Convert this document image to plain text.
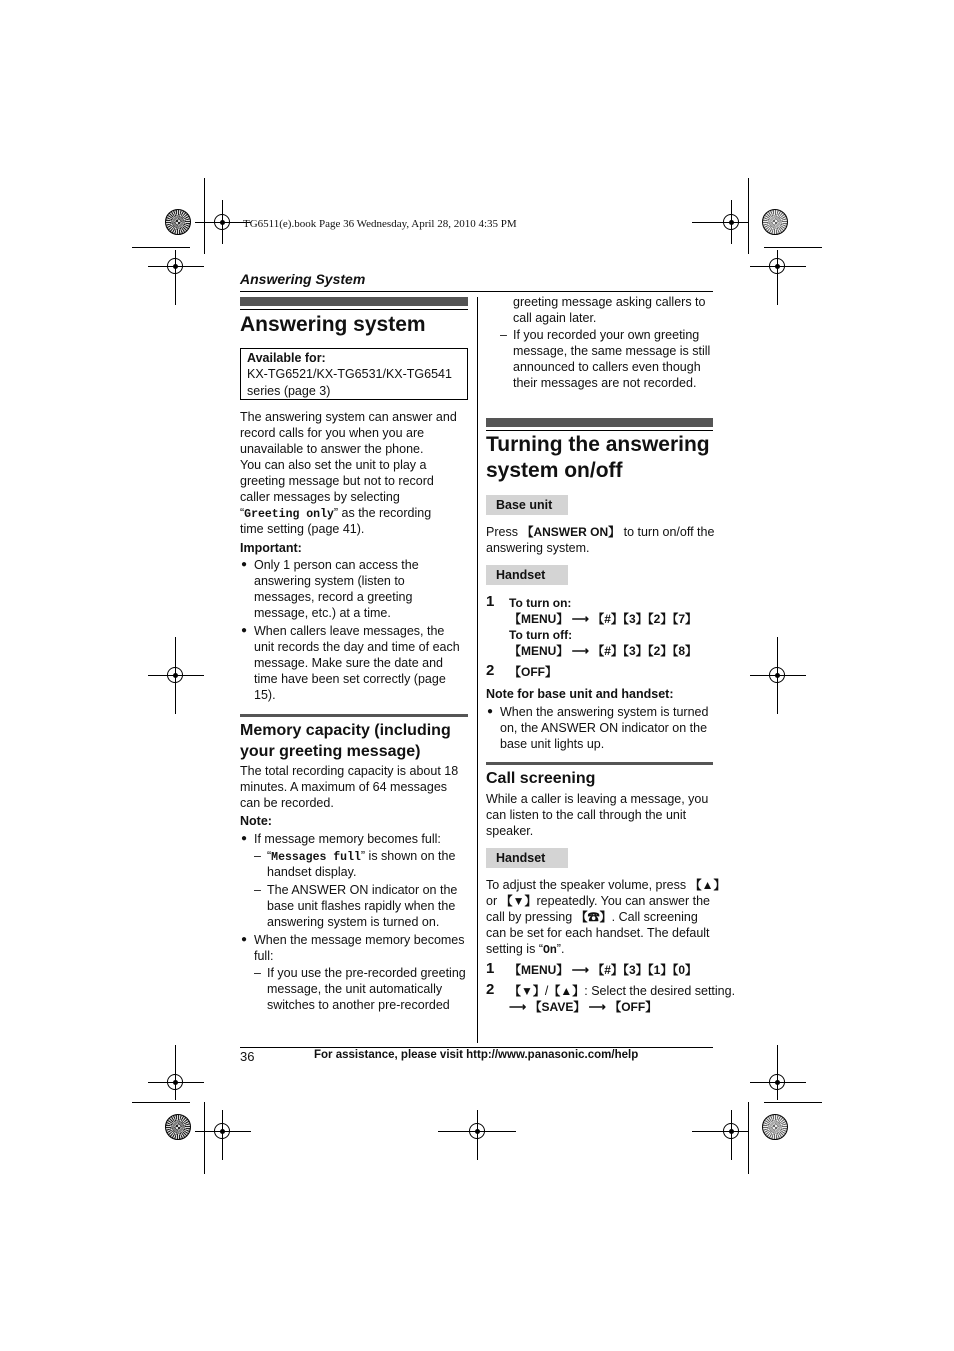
TG6511(e).book Page 36 Wednesday, April 28, 2010 4:35 PM
Answering System
Answering system
Available for:
KX-TG6521/KX-TG6531/KX-TG6541
series (page 3)
The answering system can answer and
record calls for you when you are
unavailable to answer the phone.
You can also set the unit to play a
greeting message but not to record
caller messages by selecting
“Greeting only” as the recording
time setting (page 41).
Important:
● Only 1 person can access the
answering system (listen to
messages, record a greeting
message, etc.) at a time.
● When callers leave messages, the
unit records the day and time of each
message. Make sure the date and
time have been set correctly (page
15).
Memory capacity (including
your greeting message)
The total recording capacity is about 18
minutes. A maximum of 64 messages
can be recorded.
Note:
● If message memory becomes full:
– “Messages full” is shown on the
handset display.
– The ANSWER ON indicator on the
base unit flashes rapidly when the
answering system is turned on.
● When the message memory becomes
full:
– If you use the pre-recorded greeting
message, the unit automatically
switches to another pre-recorded
greeting message asking callers to
call again later.
– If you recorded your own greeting
message, the same message is still
announced to callers even though
their messages are not recorded.
Turning the answering
system on/off
Base unit
Press 【ANSWER ON】 to turn on/off the
answering system.
Handset
1 To turn on:
【MENU】 ⟶ 【#】【3】【2】【7】
To turn off:
【MENU】 ⟶ 【#】【3】【2】【8】
2 【OFF】
Note for base unit and handset:
● When the answering system is turned
on, the ANSWER ON indicator on the
base unit lights up.
Call screening
While a caller is leaving a message, you
can listen to the call through the unit
speaker.
Handset
To adjust the speaker volume, press 【▲】
or 【▼】repeatedly. You can answer the
call by pressing 【☎】. Call screening
can be set for each handset. The default
setting is “On”.
1 【MENU】 ⟶ 【#】【3】【1】【0】
2 【▼】/【▲】: Select the desired setting.
⟶ 【SAVE】 ⟶ 【OFF】
36	For assistance, please visit http://www.panasonic.com/help
